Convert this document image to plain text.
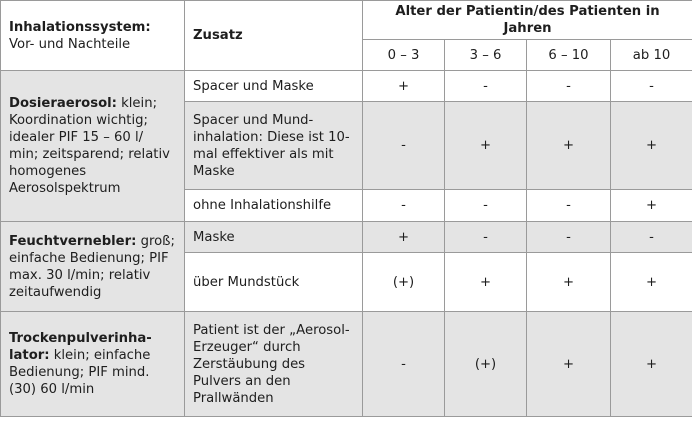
Inhalationssystem:
Vor- und Nachteile	Zusatz	Alter der Patientin/des Patienten in Jahren			
		0 – 3	3 – 6	6 – 10	ab 10
Dosieraerosol: klein; Koordination wichtig; idealer PIF 15 – 60 l/ min; zeitsparend; relativ homogenes Aerosolspektrum	Spacer und Maske	+	-	-	-
	Spacer und Mundinhalation: Diese ist 10-mal effektiver als mit Maske	-	+	+	+
	ohne Inhalationshilfe	-	-	-	+
Feuchtvernebler: groß; einfache Bedienung; PIF max. 30 l/min; relativ zeitaufwendig	Maske	+	-	-	-
	über Mundstück	(+)	+	+	+
Trockenpulverinhalator: klein; einfache Bedienung; PIF mind. (30) 60 l/min	Patient ist der „Aerosol-Erzeuger“ durch Zerstäubung des Pulvers an den Prallwänden	-	(+)	+	+
